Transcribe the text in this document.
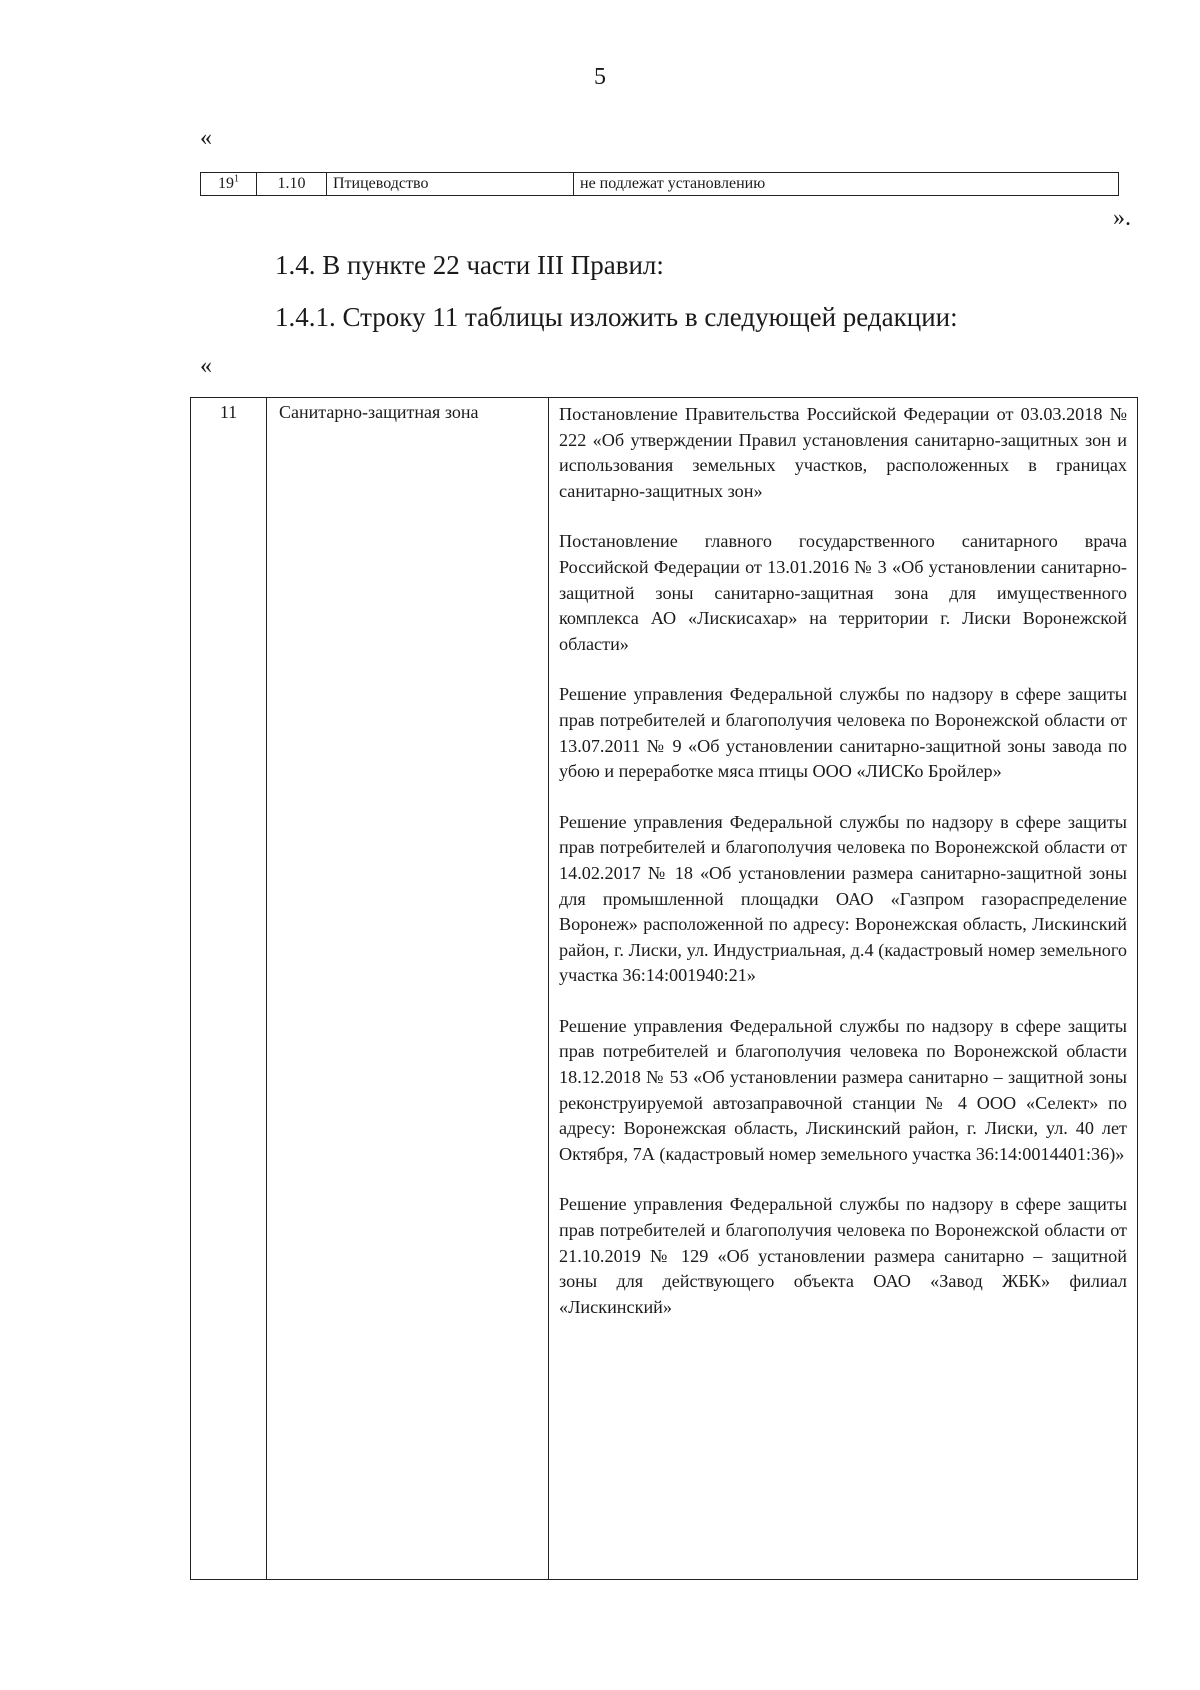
5
«
$19^1$	1.10	Птицеводство	не подлежат установлению
».
1.4. В пункте 22 части III Правил:
1.4.1. Строку 11 таблицы изложить в следующей редакции:
«
11	Санитарно-защитная зона	Постановление Правительства Российской Федерации от 03.03.2018 № 222 «Об утверждении Правил установления санитарно-защитных зон и использования земельных участков, расположенных в границах санитарно-защитных зон»

Постановление главного государственного санитарного врача Российской Федерации от 13.01.2016 № 3 «Об установлении санитарно-защитной зоны санитарно-защитная зона для имущественного комплекса АО «Лискисахар» на территории г. Лиски Воронежской области»

Решение управления Федеральной службы по надзору в сфере защиты прав потребителей и благополучия человека по Воронежской области от 13.07.2011 № 9 «Об установлении санитарно-защитной зоны завода по убою и переработке мяса птицы ООО «ЛИСКо Бройлер»

Решение управления Федеральной службы по надзору в сфере защиты прав потребителей и благополучия человека по Воронежской области от 14.02.2017 № 18 «Об установлении размера санитарно-защитной зоны для промышленной площадки ОАО «Газпром газораспределение Воронеж» расположенной по адресу: Воронежская область, Лискинский район, г. Лиски, ул. Индустриальная, д.4 (кадастровый номер земельного участка 36:14:001940:21»

Решение управления Федеральной службы по надзору в сфере защиты прав потребителей и благополучия человека по Воронежской области 18.12.2018 № 53 «Об установлении размера санитарно – защитной зоны реконструируемой автозаправочной станции № 4 ООО «Селект» по адресу: Воронежская область, Лискинский район, г. Лиски, ул. 40 лет Октября, 7А (кадастровый номер земельного участка 36:14:0014401:36)»

Решение управления Федеральной службы по надзору в сфере защиты прав потребителей и благополучия человека по Воронежской области от 21.10.2019 № 129 «Об установлении размера санитарно – защитной зоны для действующего объекта ОАО «Завод ЖБК» филиал «Лискинский»
